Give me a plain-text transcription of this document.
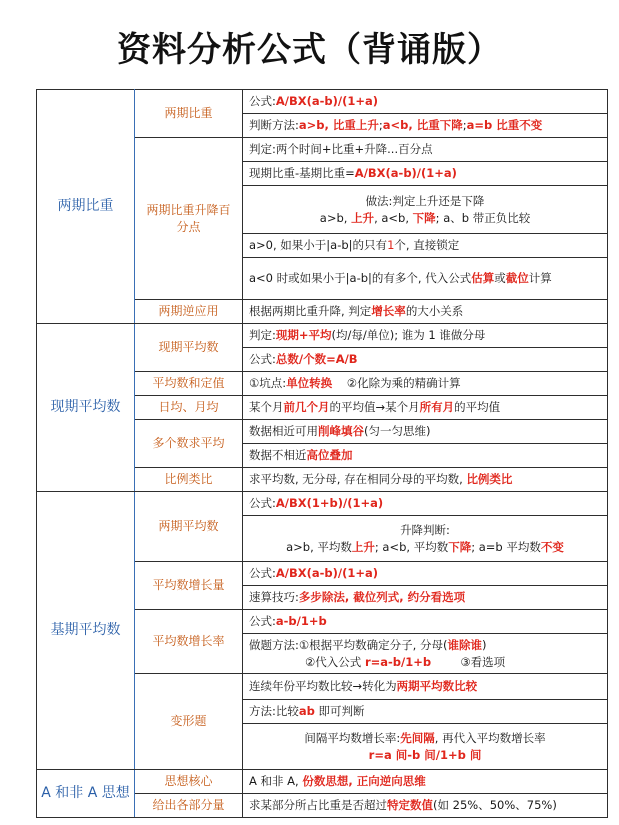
资料分析公式（背诵版）
两期比重	两期比重	公式:A/BX(a-b)/(1+a)
		判断方法:a>b, 比重上升;a<b, 比重下降;a=b 比重不变
	两期比重升降百分点	判定:两个时间+比重+升降...百分点
		现期比重-基期比重=A/BX(a-b)/(1+a)

		做法:判定上升还是下降
a>b, 上升, a<b, 下降; a、b 带正负比较

		a>0, 如果小于|a-b|的只有1个, 直接锁定
		a<0 时或如果小于|a-b|的有多个, 代入公式估算或截位计算

	两期逆应用	根据两期比重升降, 判定增长率的大小关系
现期平均数	现期平均数	判定:现期+平均(均/每/单位); 谁为 1 谁做分母
		公式:总数/个数=A/B
	平均数和定值	①坑点:单位转换    ②化除为乘的精确计算
	日均、月均	某个月前几个月的平均值→某个月所有月的平均值
	多个数求平均	数据相近可用削峰填谷(匀一匀思维)
		数据不相近高位叠加
	比例类比	求平均数, 无分母, 存在相同分母的平均数, 比例类比
基期平均数	两期平均数	公式:A/BX(1+b)/(1+a)

		升降判断:
a>b, 平均数上升; a<b, 平均数下降; a=b 平均数不变

	平均数增长量	公式:A/BX(a-b)/(1+a)
		速算技巧:多步除法, 截位列式, 约分看选项
	平均数增长率	公式:a-b/1+b

		做题方法:①根据平均数确定分子, 分母(谁除谁)
②代入公式 r=a-b/1+b        ③看选项

	变形题	连续年份平均数比较→转化为两期平均数比较
		方法:比较ab 即可判断

		间隔平均数增长率:先间隔, 再代入平均数增长率
r=a 间-b 间/1+b 间

A 和非 A 思想	思想核心	A 和非 A, 份数思想, 正向逆向思维
	给出各部分量	求某部分所占比重是否超过特定数值(如 25%、50%、75%)
